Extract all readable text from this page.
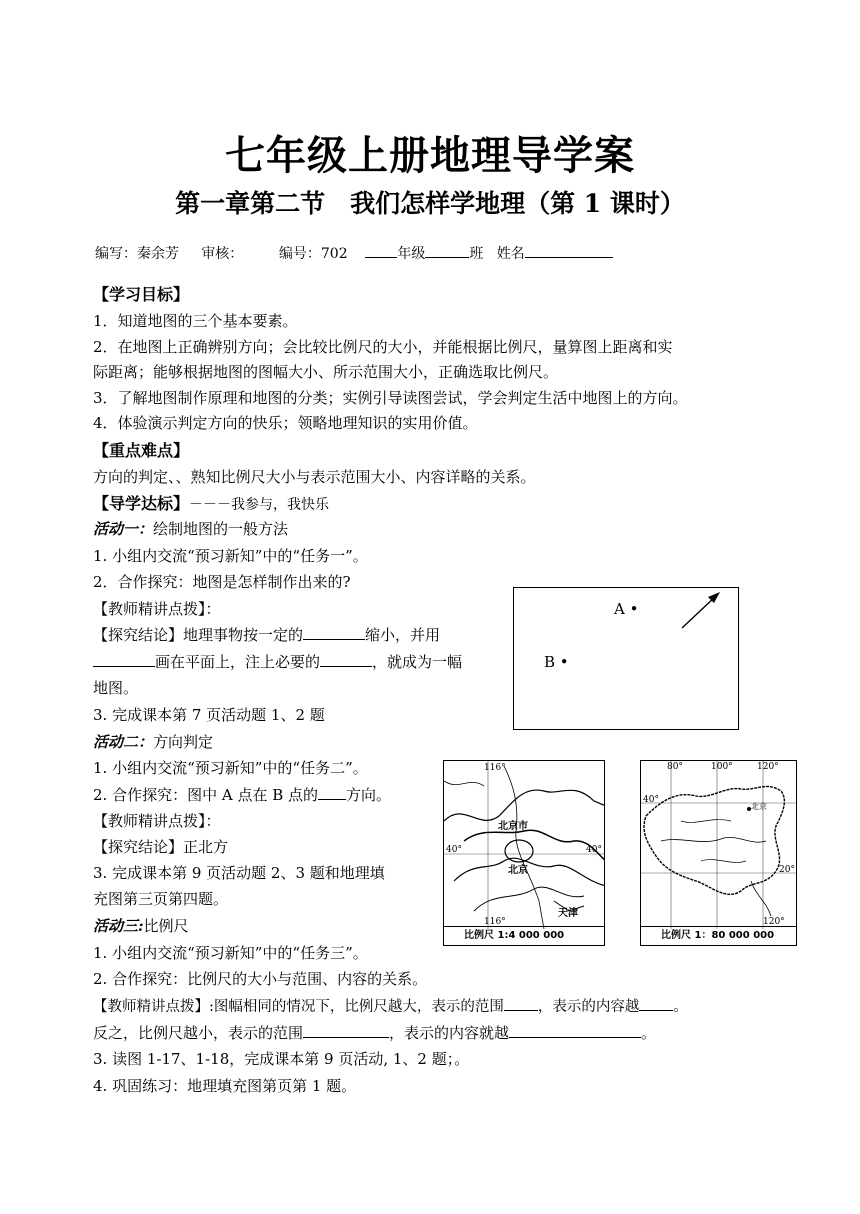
七年级上册地理导学案
第一章第二节　我们怎样学地理（第 1 课时）
编写：秦余芳 审核：	编号：702	年级	班 姓名
【学习目标】
1．知道地图的三个基本要素。
2．在地图上正确辨别方向；会比较比例尺的大小，并能根据比例尺，量算图上距离和实
际距离；能够根据地图的图幅大小、所示范围大小，正确选取比例尺。
3．了解地图制作原理和地图的分类；实例引导读图尝试，学会判定生活中地图上的方向。
4．体验演示判定方向的快乐；领略地理知识的实用价值。
【重点难点】
方向的判定、、熟知比例尺大小与表示范围大小、内容详略的关系。
【导学达标】－－－我参与，我快乐
活动一：绘制地图的一般方法
1. 小组内交流“预习新知”中的“任务一”。
2．合作探究：地图是怎样制作出来的?
【教师精讲点拨】：
【探究结论】地理事物按一定的	缩小，并用
画在平面上，注上必要的	，就成为一幅
地图。
3. 完成课本第 7 页活动题 1、2 题
A •
B •
活动二：方向判定
1. 小组内交流“预习新知”中的“任务二”。
2. 合作探究：图中 A 点在 B 点的 方向。
【教师精讲点拨】：
【探究结论】正北方
3. 完成课本第 9 页活动题 2、3 题和地理填
充图第三页第四题。
116°
116°
40°	40°
北京市
北京
天津
比例尺 1:4 000 000
80°	100°	120°
120°
40°
20°
北京
比例尺 1：80 000 000
活动三:比例尺
1. 小组内交流“预习新知”中的“任务三”。
2. 合作探究：比例尺的大小与范围、内容的关系。
【教师精讲点拨】:图幅相同的情况下，比例尺越大，表示的范围 ，表示的内容越 。
反之，比例尺越小，表示的范围	，表示的内容就越	。
3. 读图 1-17、1-18，完成课本第 9 页活动, 1、2 题；。
4. 巩固练习：地理填充图第页第 1 题。
